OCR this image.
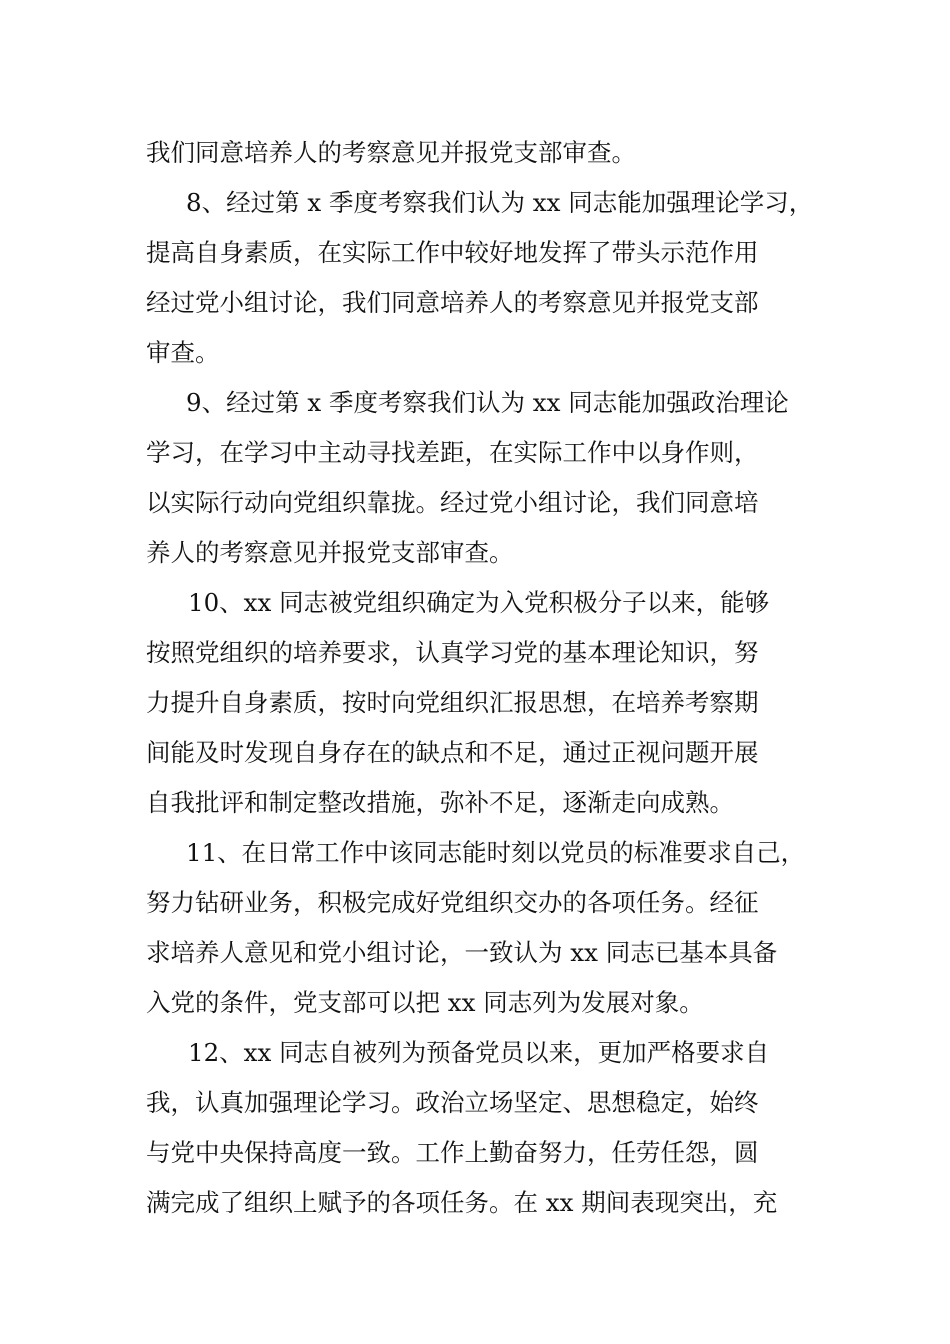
我们同意培养人的考察意见并报党支部审查。
8、经过第 x 季度考察我们认为 xx 同志能加强理论学习，
提高自身素质，在实际工作中较好地发挥了带头示范作用
经过党小组讨论，我们同意培养人的考察意见并报党支部
审查。
9、经过第 x 季度考察我们认为 xx 同志能加强政治理论
学习，在学习中主动寻找差距，在实际工作中以身作则，
以实际行动向党组织靠拢。经过党小组讨论，我们同意培
养人的考察意见并报党支部审查。
10、xx 同志被党组织确定为入党积极分子以来，能够
按照党组织的培养要求，认真学习党的基本理论知识，努
力提升自身素质，按时向党组织汇报思想，在培养考察期
间能及时发现自身存在的缺点和不足，通过正视问题开展
自我批评和制定整改措施，弥补不足，逐渐走向成熟。
11、在日常工作中该同志能时刻以党员的标准要求自己，
努力钻研业务，积极完成好党组织交办的各项任务。经征
求培养人意见和党小组讨论，一致认为 xx 同志已基本具备
入党的条件，党支部可以把 xx 同志列为发展对象。
12、xx 同志自被列为预备党员以来，更加严格要求自
我，认真加强理论学习。政治立场坚定、思想稳定，始终
与党中央保持高度一致。工作上勤奋努力，任劳任怨，圆
满完成了组织上赋予的各项任务。在 xx 期间表现突出，充
